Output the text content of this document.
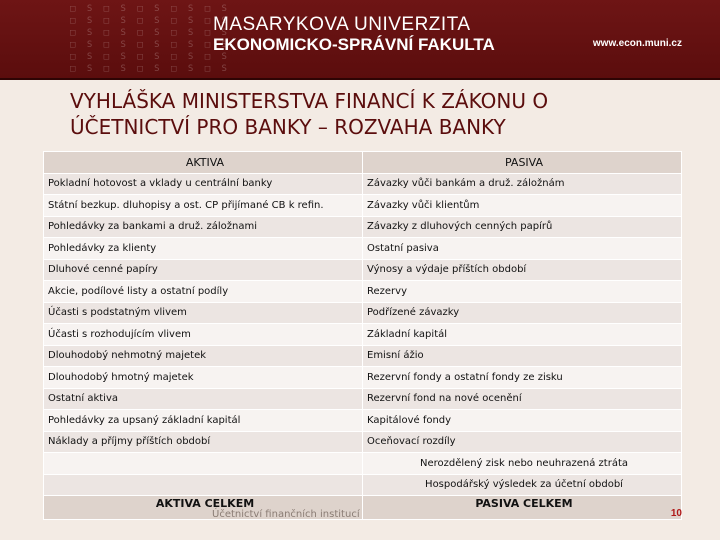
□ Ѕ □ Ѕ □ Ѕ □ Ѕ □ Ѕ
□ Ѕ □ Ѕ □ Ѕ □ Ѕ □ Ѕ
□ Ѕ □ Ѕ □ Ѕ □ Ѕ □ Ѕ
□ Ѕ □ Ѕ □ Ѕ □ Ѕ □ Ѕ
□ Ѕ □ Ѕ □ Ѕ □ Ѕ □ Ѕ
□ Ѕ □ Ѕ □ Ѕ □ Ѕ □ Ѕ
MASARYKOVA UNIVERZITA
EKONOMICKO-SPRÁVNÍ FAKULTA	www.econ.muni.cz
VYHLÁŠKA MINISTERSTVA FINANCÍ K ZÁKONU O ÚČETNICTVÍ PRO BANKY – ROZVAHA BANKY
AKTIVA	PASIVA
Pokladní hotovost a vklady u centrální banky	Závazky vůči bankám a druž. záložnám
Státní bezkup. dluhopisy a ost. CP přijímané CB k refin.	Závazky vůči klientům
Pohledávky za bankami a druž. záložnami	Závazky z dluhových cenných papírů
Pohledávky za klienty	Ostatní pasiva
Dluhové cenné papíry	Výnosy a výdaje příštích období
Akcie, podílové listy a ostatní podíly	Rezervy
Účasti s podstatným vlivem	Podřízené závazky
Účasti s rozhodujícím vlivem	Základní kapitál
Dlouhodobý nehmotný majetek	Emisní ážio
Dlouhodobý hmotný majetek	Rezervní fondy a ostatní fondy ze zisku
Ostatní aktiva	Rezervní fond na nové ocenění
Pohledávky za upsaný základní kapitál	Kapitálové fondy
Náklady a příjmy příštích období	Oceňovací rozdíly
	Nerozdělený zisk nebo neuhrazená ztráta
	Hospodářský výsledek za účetní období
AKTIVA CELKEM	PASIVA CELKEM
Účetnictví finančních institucí	10
